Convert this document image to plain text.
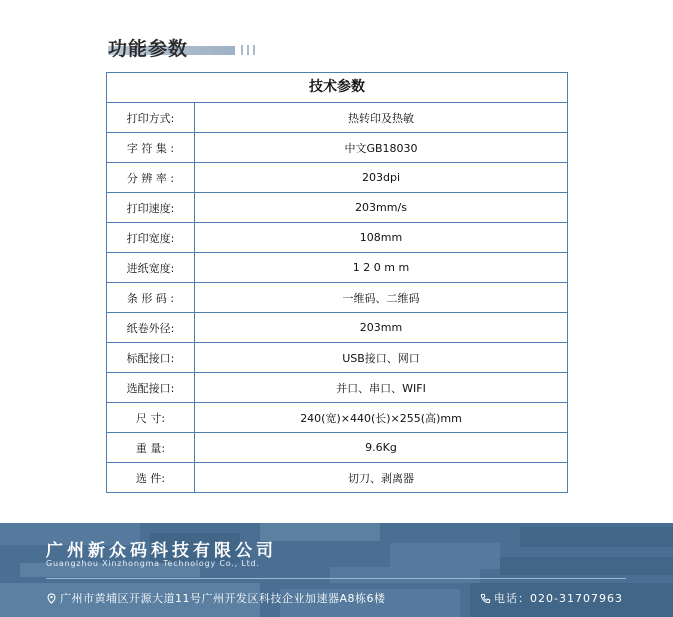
功能参数
技术参数
打印方式:	热转印及热敏
字 符 集 :	中文GB18030
分 辨 率 :	203dpi
打印速度:	203mm/s
打印宽度:	108mm
进纸宽度:	1 2 0 m m
条 形 码 :	一维码、二维码
纸卷外径:	203mm
标配接口:	USB接口、网口
选配接口:	并口、串口、WIFI
尺 寸:	240(宽)×440(长)×255(高)mm
重 量:	9.6Kg
选 件:	切刀、剥离器
广州新众码科技有限公司
Guangzhou Xinzhongma Technology Co., Ltd.
广州市黄埔区开源大道11号广州开发区科技企业加速器A8栋6楼	电话：020-31707963
